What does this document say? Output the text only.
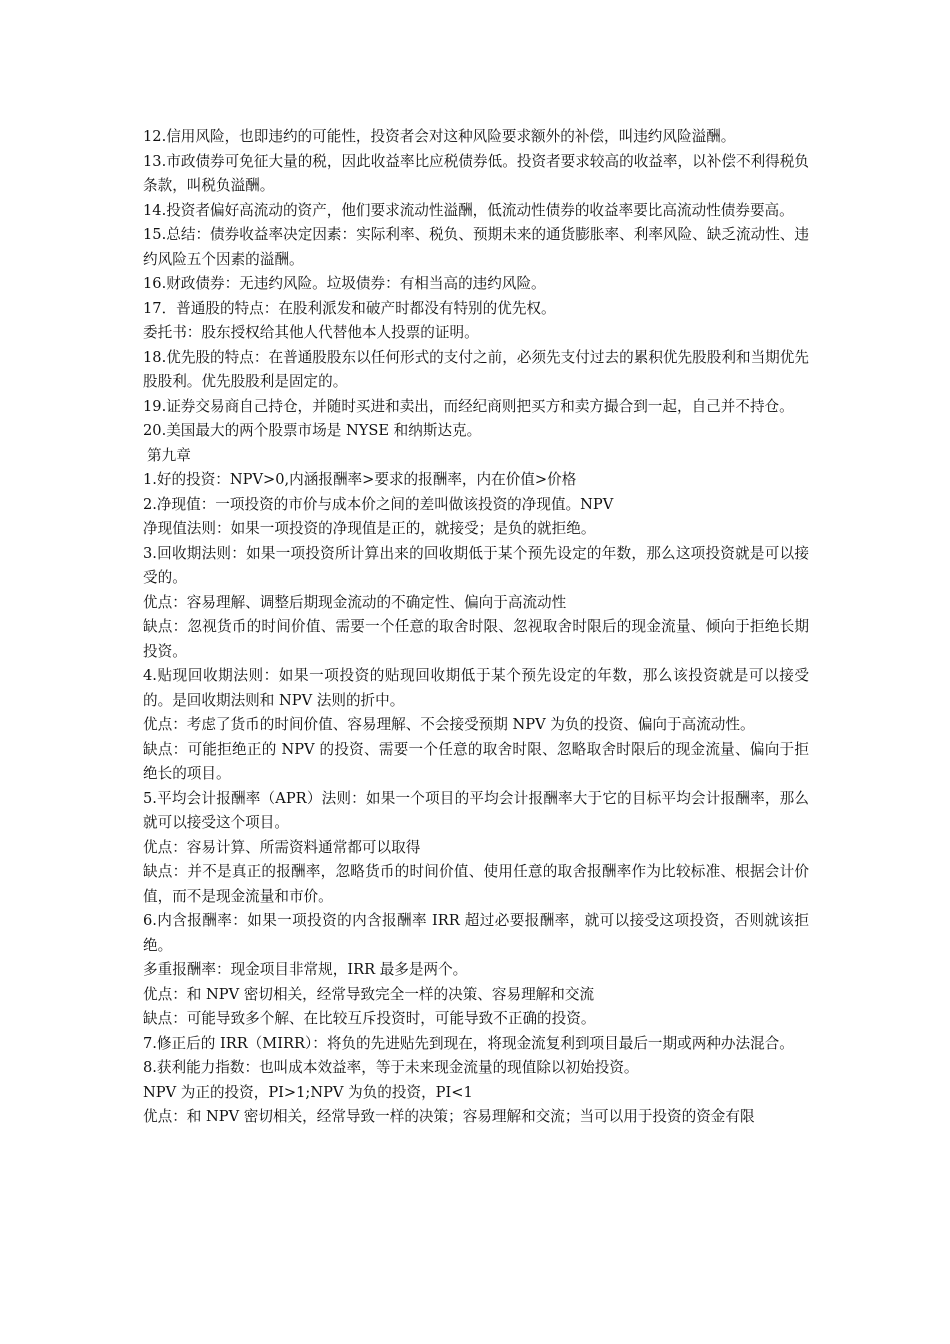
12.信用风险，也即违约的可能性，投资者会对这种风险要求额外的补偿，叫违约风险溢酬。

13.市政债券可免征大量的税，因此收益率比应税债券低。投资者要求较高的收益率，以补偿不利得税负条款，叫税负溢酬。

14.投资者偏好高流动的资产，他们要求流动性溢酬，低流动性债券的收益率要比高流动性债券要高。

15.总结：债券收益率决定因素：实际利率、税负、预期未来的通货膨胀率、利率风险、缺乏流动性、违约风险五个因素的溢酬。

16.财政债券：无违约风险。垃圾债券：有相当高的违约风险。

17．普通股的特点：在股利派发和破产时都没有特别的优先权。

委托书：股东授权给其他人代替他本人投票的证明。

18.优先股的特点：在普通股股东以任何形式的支付之前，必须先支付过去的累积优先股股利和当期优先股股利。优先股股利是固定的。

19.证券交易商自己持仓，并随时买进和卖出，而经纪商则把买方和卖方撮合到一起，自己并不持仓。

20.美国最大的两个股票市场是 NYSE 和纳斯达克。

第九章

1.好的投资：NPV>0,内涵报酬率>要求的报酬率，内在价值>价格

2.净现值：一项投资的市价与成本价之间的差叫做该投资的净现值。NPV

净现值法则：如果一项投资的净现值是正的，就接受；是负的就拒绝。

3.回收期法则：如果一项投资所计算出来的回收期低于某个预先设定的年数，那么这项投资就是可以接受的。

优点：容易理解、调整后期现金流动的不确定性、偏向于高流动性

缺点：忽视货币的时间价值、需要一个任意的取舍时限、忽视取舍时限后的现金流量、倾向于拒绝长期投资。

4.贴现回收期法则：如果一项投资的贴现回收期低于某个预先设定的年数，那么该投资就是可以接受的。是回收期法则和 NPV 法则的折中。

优点：考虑了货币的时间价值、容易理解、不会接受预期 NPV 为负的投资、偏向于高流动性。

缺点：可能拒绝正的 NPV 的投资、需要一个任意的取舍时限、忽略取舍时限后的现金流量、偏向于拒绝长的项目。

5.平均会计报酬率（APR）法则：如果一个项目的平均会计报酬率大于它的目标平均会计报酬率，那么就可以接受这个项目。

优点：容易计算、所需资料通常都可以取得

缺点：并不是真正的报酬率，忽略货币的时间价值、使用任意的取舍报酬率作为比较标准、根据会计价值，而不是现金流量和市价。

6.内含报酬率：如果一项投资的内含报酬率 IRR 超过必要报酬率，就可以接受这项投资，否则就该拒绝。

多重报酬率：现金项目非常规，IRR 最多是两个。

优点：和 NPV 密切相关，经常导致完全一样的决策、容易理解和交流

缺点：可能导致多个解、在比较互斥投资时，可能导致不正确的投资。

7.修正后的 IRR（MIRR）：将负的先进贴先到现在，将现金流复利到项目最后一期或两种办法混合。

8.获利能力指数：也叫成本效益率，等于未来现金流量的现值除以初始投资。

NPV 为正的投资，PI>1;NPV 为负的投资，PI<1

优点：和 NPV 密切相关，经常导致一样的决策；容易理解和交流；当可以用于投资的资金有限
